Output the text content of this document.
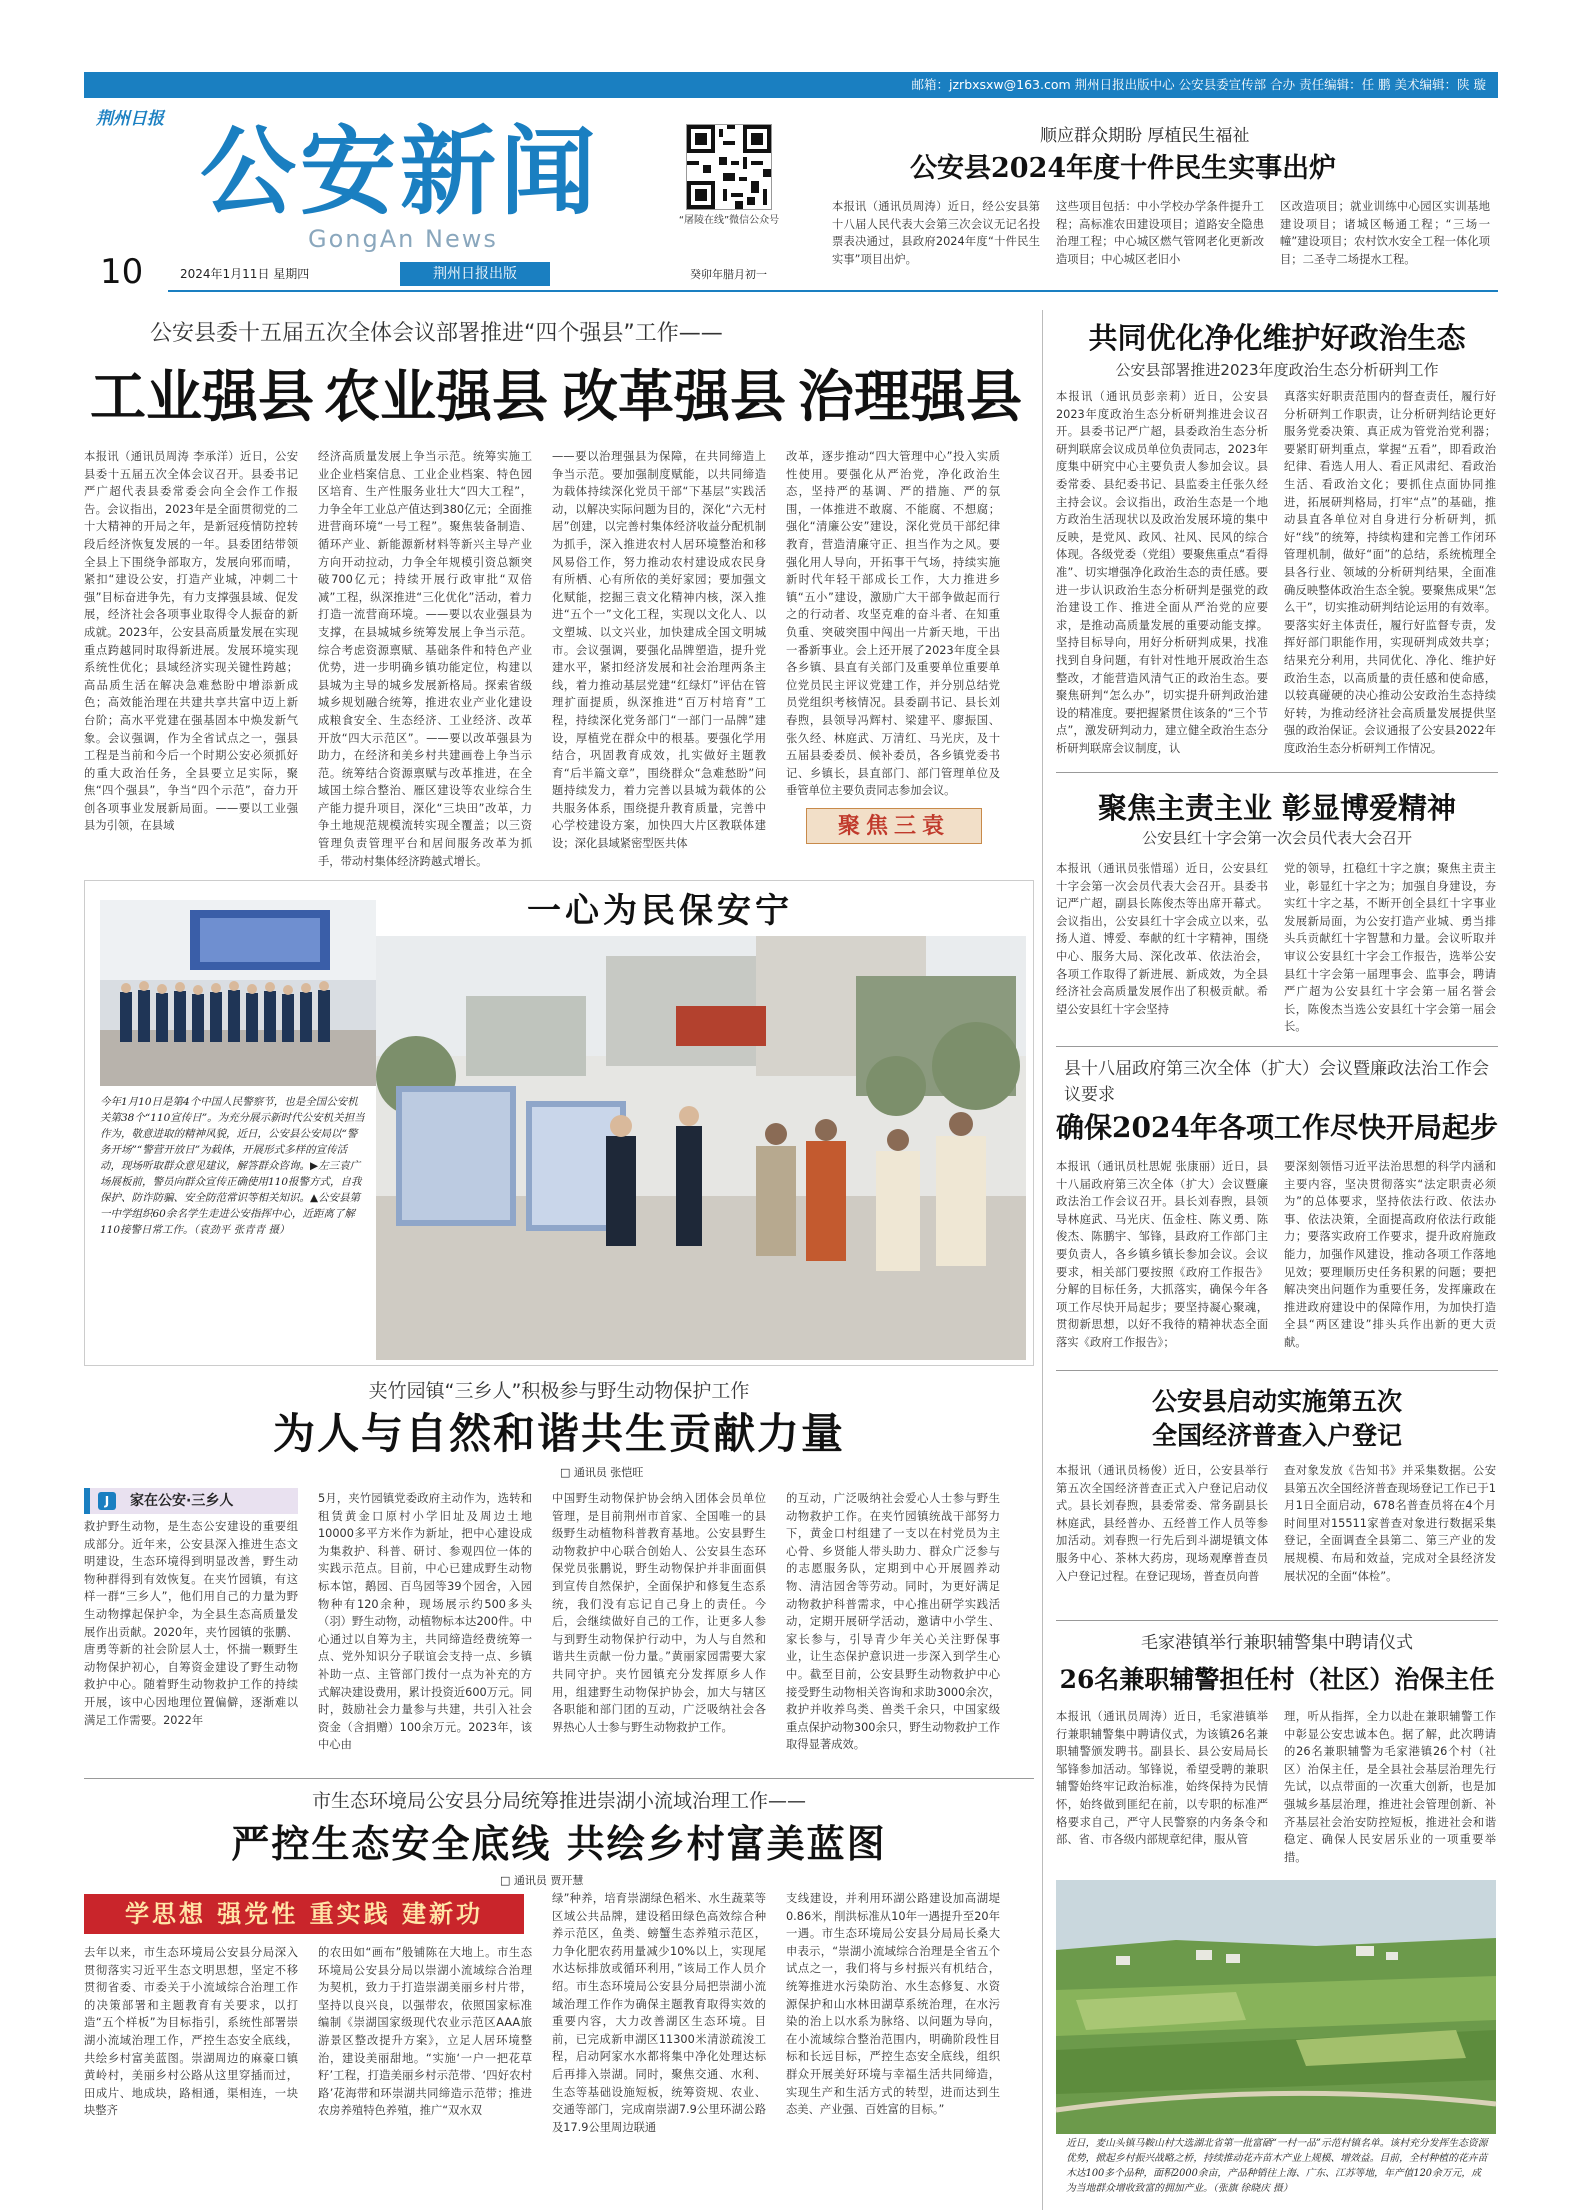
邮箱：jzrbxsxw@163.com 荆州日报出版中心 公安县委宣传部 合办 责任编辑：任 鹏 美术编辑：陕 璇
荆州日报 公安新闻
GongAn News
“屠陵在线”微信公众号
10	2024年1月11日 星期四	荆州日报出版	癸卯年腊月初一
顺应群众期盼 厚植民生福祉
公安县2024年度十件民生实事出炉
本报讯（通讯员周涛）近日，经公安县第十八届人民代表大会第三次会议无记名投票表决通过，县政府2024年度“十件民生实事”项目出炉。
这些项目包括：中小学校办学条件提升工程；高标准农田建设项目；道路安全隐患治理工程；中心城区燃气管网老化更新改造项目；中心城区老旧小
区改造项目；就业训练中心园区实训基地建设项目；诸城区畅通工程；“三场一幢”建设项目；农村饮水安全工程一体化项目；二圣寺二场提水工程。
公安县委十五届五次全体会议部署推进“四个强县”工作——
工业强县 农业强县 改革强县 治理强县
本报讯（通讯员周涛 李承洋）近日，公安县委十五届五次全体会议召开。县委书记严广超代表县委常委会向全会作工作报告。会议指出，2023年是全面贯彻党的二十大精神的开局之年，是新冠疫情防控转段后经济恢复发展的一年。县委团结带领全县上下围绕争部取方，发展向邪而晴，紧扣“建设公安，打造产业城，冲刺二十强”目标奋进争先，有力支撑强县域、促发展，经济社会各项事业取得令人振奋的新成就。2023年，公安县高质量发展在实现重点跨越同时取得新进展。发展环境实现系统性优化；县域经济实现关键性跨越；高品质生活在解决急难愁盼中增添新成色；高效能治理在共建共享共富中迈上新台阶；高水平党建在强基固本中焕发新气象。会议强调，作为全省试点之一，强县工程是当前和今后一个时期公安必须抓好的重大政治任务，全县要立足实际，聚焦“四个强县”，争当“四个示范”，奋力开创各项事业发展新局面。——要以工业强县为引领，在县域
经济高质量发展上争当示范。统筹实施工业企业档案信息、工业企业档案、特色园区培育、生产性服务业壮大“四大工程”，力争全年工业总产值达到380亿元；全面推进营商环境“一号工程”。聚焦装备制造、循环产业、新能源新材料等新兴主导产业方向开动拉动，力争全年规模引资总额突破700亿元；持续开展行政审批“双倍减”工程，纵深推进“三化优化”活动，着力打造一流营商环境。——要以农业强县为支撑，在县城城乡统筹发展上争当示范。综合考虑资源禀赋、基础条件和特色产业优势，进一步明确乡镇功能定位，构建以县城为主导的城乡发展新格局。探索省级城乡规划融合统筹，推进农业产业化建设成粮食安全、生态经济、工业经济、改革开放“四大示范区”。——要以改革强县为助力，在经济和美乡村共建画卷上争当示范。统筹结合资源禀赋与改革推进，在全域国土综合整治、雁区建设等农业综合生产能力提升项目，深化“三块田”改革，力争土地规范规模流转实现全覆盖；以三资管理负责管理平台和居间服务改革为抓手，带动村集体经济跨越式增长。
——要以治理强县为保障，在共同缔造上争当示范。要加强制度赋能，以共同缔造为载体持续深化党员干部“下基层”实践活动，以解决实际问题为目的，深化“六无村居”创建，以完善村集体经济收益分配机制为抓手，深入推进农村人居环境整治和移风易俗工作，努力推动农村建设成农民身有所栖、心有所依的美好家园；要加强文化赋能，挖掘三袁文化精神内核，深入推进“五个一”文化工程，实现以文化人、以文塑城、以文兴业，加快建成全国文明城市。会议强调，要强化品牌塑造，提升党建水平，紧扣经济发展和社会治理两条主线，着力推动基层党建“红绿灯”评估在管理扩面提质，纵深推进“百万村培育”工程，持续深化党务部门“一部门一品牌”建设，厚植党在群众中的根基。要强化学用结合，巩固教育成效，扎实做好主题教育“后半篇文章”，围绕群众“急难愁盼”问题持续发力，着力完善以县城为载体的公共服务体系，围绕提升教育质量，完善中心学校建设方案，加快四大片区教联体建设；深化县域紧密型医共体
改革，逐步推动“四大管理中心”投入实质性使用。要强化从严治党，净化政治生态，坚持严的基调、严的措施、严的氛围，一体推进不敢腐、不能腐、不想腐；强化“清廉公安”建设，深化党员干部纪律教育，营造清廉守正、担当作为之风。要强化用人导向，开拓事干气场，持续实施新时代年轻干部成长工作，大力推进乡镇“五小”建设，激励广大干部争做起而行之的行动者、攻坚克难的奋斗者、在知重负重、突破突围中闯出一片新天地，干出一番新事业。会上还开展了2023年度全县各乡镇、县直有关部门及重要单位重要单位党员民主评议党建工作，并分别总结党员党组织考核情况。县委副书记、县长刘春煦，县领导冯辉村、梁建平、廖振国、张久经、林庭武、万清红、马光庆，及十五届县委委员、候补委员，各乡镇党委书记、乡镇长，县直部门、部门管理单位及垂管单位主要负责同志参加会议。
聚焦三袁
共同优化净化维护好政治生态
公安县部署推进2023年度政治生态分析研判工作
本报讯（通讯员彭亲莉）近日，公安县2023年度政治生态分析研判推进会议召开。县委书记严广超，县委政治生态分析研判联席会议成员单位负责同志，2023年度集中研究中心主要负责人参加会议。县委常委、县纪委书记、县监委主任张久经主持会议。会议指出，政治生态是一个地方政治生活现状以及政治发展环境的集中反映，是党风、政风、社风、民风的综合体现。各级党委（党组）要聚焦重点“看得准”、切实增强净化政治生态的责任感。要进一步认识政治生态分析研判是强党的政治建设工作、推进全面从严治党的应要求，是推动高质量发展的重要动能支撑。坚持目标导向，用好分析研判成果，找准找到自身问题，有针对性地开展政治生态整改，才能营造风清气正的政治生态。要聚焦研判“怎么办”，切实提升研判政治建设的精准度。要把握紧贯住该条的“三个节点”，激发研判动力，建立健全政治生态分析研判联席会议制度，认
真落实好职责范围内的督查责任，履行好分析研判工作职责，让分析研判结论更好服务党委决策、真正成为管党治党利器；要紧盯研判重点，掌握“五看”，即看政治纪律、看选人用人、看正风肃纪、看政治生活、看政治文化；要抓住点面协同推进，拓展研判格局，打牢“点”的基础，推动县直各单位对自身进行分析研判，抓好“线”的统筹，持续构建和完善工作闭环管理机制，做好“面”的总结，系统梳理全县各行业、领域的分析研判结果，全面准确反映整体政治生态全貌。要聚焦成果“怎么干”，切实推动研判结论运用的有效率。要落实好主体责任，履行好监督专责，发挥好部门职能作用，实现研判成效共享；结果充分利用，共同优化、净化、维护好政治生态，以高质量的责任感和使命感，以较真碰硬的决心推动公安政治生态持续好转，为推动经济社会高质量发展提供坚强的政治保证。会议通报了公安县2022年度政治生态分析研判工作情况。
聚焦主责主业 彰显博爱精神
公安县红十字会第一次会员代表大会召开
本报讯（通讯员张惜瑶）近日，公安县红十字会第一次会员代表大会召开。县委书记严广超，副县长陈俊杰等出席开幕式。会议指出，公安县红十字会成立以来，弘扬人道、博爱、奉献的红十字精神，围绕中心、服务大局、深化改革、依法治会，各项工作取得了新进展、新成效，为全县经济社会高质量发展作出了积极贡献。希望公安县红十字会坚持
党的领导，扛稳红十字之旗；聚焦主责主业，彰显红十字之为；加强自身建设，夯实红十字之基，不断开创全县红十字事业发展新局面，为公安打造产业城、勇当排头兵贡献红十字智慧和力量。会议听取并审议公安县红十字会工作报告，选举公安县红十字会第一届理事会、监事会，聘请严广超为公安县红十字会第一届名誉会长，陈俊杰当选公安县红十字会第一届会长。
县十八届政府第三次全体（扩大）会议暨廉政法治工作会议要求
确保2024年各项工作尽快开局起步
本报讯（通讯员杜思妮 张康丽）近日，县十八届政府第三次全体（扩大）会议暨廉政法治工作会议召开。县长刘春煦，县领导林庭武、马光庆、伍金柱、陈义勇、陈俊杰、陈鹏宇、邹锋，县政府工作部门主要负责人，各乡镇乡镇长参加会议。会议要求，相关部门要按照《政府工作报告》分解的目标任务，大抓落实，确保今年各项工作尽快开局起步；要坚持凝心聚魂，贯彻新思想，以好不我待的精神状态全面落实《政府工作报告》；
要深刻领悟习近平法治思想的科学内涵和主要内容，坚决贯彻落实“法定职责必须为”的总体要求，坚持依法行政、依法办事、依法决策，全面提高政府依法行政能力；要落实政府工作要求，提升政府施政能力，加强作风建设，推动各项工作落地见效；要理顺历史任务积累的问题；要把解决突出问题作为重要任务，发挥廉政在推进政府建设中的保障作用，为加快打造全县“两区建设”排头兵作出新的更大贡献。
公安县启动实施第五次
全国经济普查入户登记
本报讯（通讯员杨俊）近日，公安县举行第五次全国经济普查正式入户登记启动仪式。县长刘春煦，县委常委、常务副县长林庭武，县经普办、五经普工作人员等参加活动。刘春煦一行先后到斗湖堤镇文体服务中心、茶林大药房，现场观摩普查员入户登记过程。在登记现场，普查员向普
查对象发放《告知书》并采集数据。公安县第五次全国经济普查现场登记工作已于1月1日全面启动，678名普查员将在4个月时间里对15511家普查对象进行数据采集登记，全面调查全县第二、第三产业的发展规模、布局和效益，完成对全县经济发展状况的全面“体检”。
毛家港镇举行兼职辅警集中聘请仪式
26名兼职辅警担任村（社区）治保主任
本报讯（通讯员周涛）近日，毛家港镇举行兼职辅警集中聘请仪式，为该镇26名兼职辅警颁发聘书。副县长、县公安局局长邹锋参加活动。邹锋说，希望受聘的兼职辅警始终牢记政治标准，始终保持为民情怀，始终做到匪纪在前，以专职的标准严格要求自己，严守人民警察的内务条令和部、省、市各级内部规章纪律，服从管
理，听从指挥，全力以赴在兼职辅警工作中彰显公安忠诚本色。据了解，此次聘请的26名兼职辅警为毛家港镇26个村（社区）治保主任，是全县社会基层治理先行先试，以点带面的一次重大创新，也是加强城乡基层治理，推进社会管理创新、补齐基层社会治安防控短板，推进社会和谐稳定、确保人民安居乐业的一项重要举措。
近日，麦山头镇马鞍山村大选湖北省第一批富硒“一村一品”示范村镇名单。该村充分发挥生态资源优势，掀起乡村振兴战略之桥，持续推动花卉苗木产业上规模、增效益。目前，全村种植的花卉苗木达100多个品种，面积2000余亩，产品种销往上海、广东、江苏等地，年产值120余万元，成为当地群众增收致富的拥加产业。（张旗 徐晓庆 摄）
一心为民保安宁
今年1月10日是第4个中国人民警察节，也是全国公安机关第38个“110宣传日”。为充分展示新时代公安机关担当作为，敬意进取的精神风貌，近日，公安县公安局以“警务开场”“警营开放日”为载体，开展形式多样的宣传活动，现场听取群众意见建议，解答群众咨询。▶左三袁广场展板前，警员向群众宣传正确使用110报警方式，自我保护、防诈防骗、安全防范常识等相关知识。▲公安县第一中学组织60余名学生走进公安指挥中心，近距离了解110接警日常工作。（袁劲平 张青青 摄）
夹竹园镇“三乡人”积极参与野生动物保护工作
为人与自然和谐共生贡献力量
□ 通讯员 张恺旺
J	家在公安·三乡人
救护野生动物，是生态公安建设的重要组成部分。近年来，公安县深入推进生态文明建设，生态环境得到明显改善，野生动物种群得到有效恢复。在夹竹园镇，有这样一群“三乡人”，他们用自己的力量为野生动物撑起保护伞，为全县生态高质量发展作出贡献。2020年，夹竹园镇的张鹏、唐勇等新的社会阶层人士，怀揣一颗野生动物保护初心，自筹资金建设了野生动物救护中心。随着野生动物救护工作的持续开展，该中心因地理位置偏僻，逐渐难以满足工作需要。2022年
5月，夹竹园镇党委政府主动作为，选转和租赁黄金口原村小学旧址及周边土地10000多平方米作为新址，把中心建设成为集救护、科普、研讨、参观四位一体的实践示范点。目前，中心已建成野生动物标本馆，鹅园、百鸟园等39个园舍，入园物种有120余种，现场展示约500多头（羽）野生动物，动植物标本达200件。中心通过以自筹为主，共同缔造经费统筹一点、党外知识分子联谊会支持一点、乡镇补助一点、主管部门拨付一点为补充的方式解决建设费用，累计投资近600万元。同时，鼓励社会力量参与共建，共引入社会资金（含捐赠）100余万元。2023年，该中心由
中国野生动物保护协会纳入团体会员单位管理，是目前荆州市首家、全国唯一的县级野生动植物科普教育基地。公安县野生动物救护中心联合创始人、公安县生态环保党员张鹏说，野生动物保护并非面面俱到宣传自然保护，全面保护和修复生态系统，我们没有忘记自己身上的责任。今后，会继续做好自己的工作，让更多人参与到野生动物保护行动中，为人与自然和谐共生贡献一份力量。”黄丽家园需要大家共同守护。夹竹园镇充分发挥原乡人作用，组建野生动物保护协会，加大与辖区各职能和部门团的互动，广泛吸纳社会各界热心人士参与野生动物救护工作。
的互动，广泛吸纳社会爱心人士参与野生动物救护工作。在夹竹园镇统战干部努力下，黄金口村组建了一支以在村党员为主心骨、乡贤能人带头助力、群众广泛参与的志愿服务队，定期到中心开展圆养动物、清洁园舍等劳动。同时，为更好满足动物救护科普需求，中心推出研学实践活动，定期开展研学活动，邀请中小学生、家长参与，引导青少年关心关注野保事业，让生态保护意识进一步深入到学生心中。截至目前，公安县野生动物救护中心接受野生动物相关咨询和求助3000余次，救护并收养鸟类、兽类千余只，中国家级重点保护动物300余只，野生动物救护工作取得显著成效。
市生态环境局公安县分局统筹推进崇湖小流域治理工作——
严控生态安全底线 共绘乡村富美蓝图
□ 通讯员 贾开慧
学思想 强党性 重实践 建新功
去年以来，市生态环境局公安县分局深入贯彻落实习近平生态文明思想，坚定不移贯彻省委、市委关于小流域综合治理工作的决策部署和主题教育有关要求，以打造“五个样板”为目标指引，系统性部署崇湖小流域治理工作，严控生态安全底线，共绘乡村富美蓝图。崇湖周边的麻豪口镇黄岭村，美丽乡村公路从这里穿插而过，田成片、地成块，路相通，渠相连，一块块整齐
的农田如“画布”般铺陈在大地上。市生态环境局公安县分局以崇湖小流域综合治理为契机，致力于打造崇湖美丽乡村片带，坚持以良兴良，以强带农，依照国家标准编制《崇湖国家级现代农业示范区AAA旅游景区整改提升方案》，立足人居环境整治，建设美丽甜地。“实施‘一户一把花草籽’工程，打造美丽乡村示范带、‘四好农村路’花海带和环崇湖共同缔造示范带；推进农房养殖特色养殖，推广“双水双
绿”种养，培育崇湖绿色稻米、水生蔬菜等区域公共品牌，建设稻田绿色高效综合种养示范区，鱼类、螃蟹生态养殖示范区，力争化肥农药用量减少10%以上，实现尾水达标排放或循环利用，”该局工作人员介绍。市生态环境局公安县分局把崇湖小流域治理工作作为确保主题教育取得实效的重要内容，大力改善湖区生态环境。目前，已完成新申湖区11300米清淤疏浚工程，启动阿家水水都将集中净化处理达标后再排入崇湖。同时，聚焦交通、水利、生态等基础设施短板，统筹资规、农业、交通等部门，完成南崇湖7.9公里环湖公路及17.9公里周边联通
支线建设，并利用环湖公路建设加高湖堤0.86米，削洪标准从10年一遇提升至20年一遇。市生态环境局公安县分局局长桑大申表示，“崇湖小流域综合治理是全省五个试点之一，我们将与乡村振兴有机结合，统筹推进水污染防治、水生态修复、水资源保护和山水林田湖草系统治理，在水污染的治上以水系为脉络、以问题为导向，在小流域综合整治范围内，明确阶段性目标和长远目标，严控生态安全底线，组织群众开展美好环境与幸福生活共同缔造，实现生产和生活方式的转型，进而达到生态美、产业强、百姓富的目标。”
